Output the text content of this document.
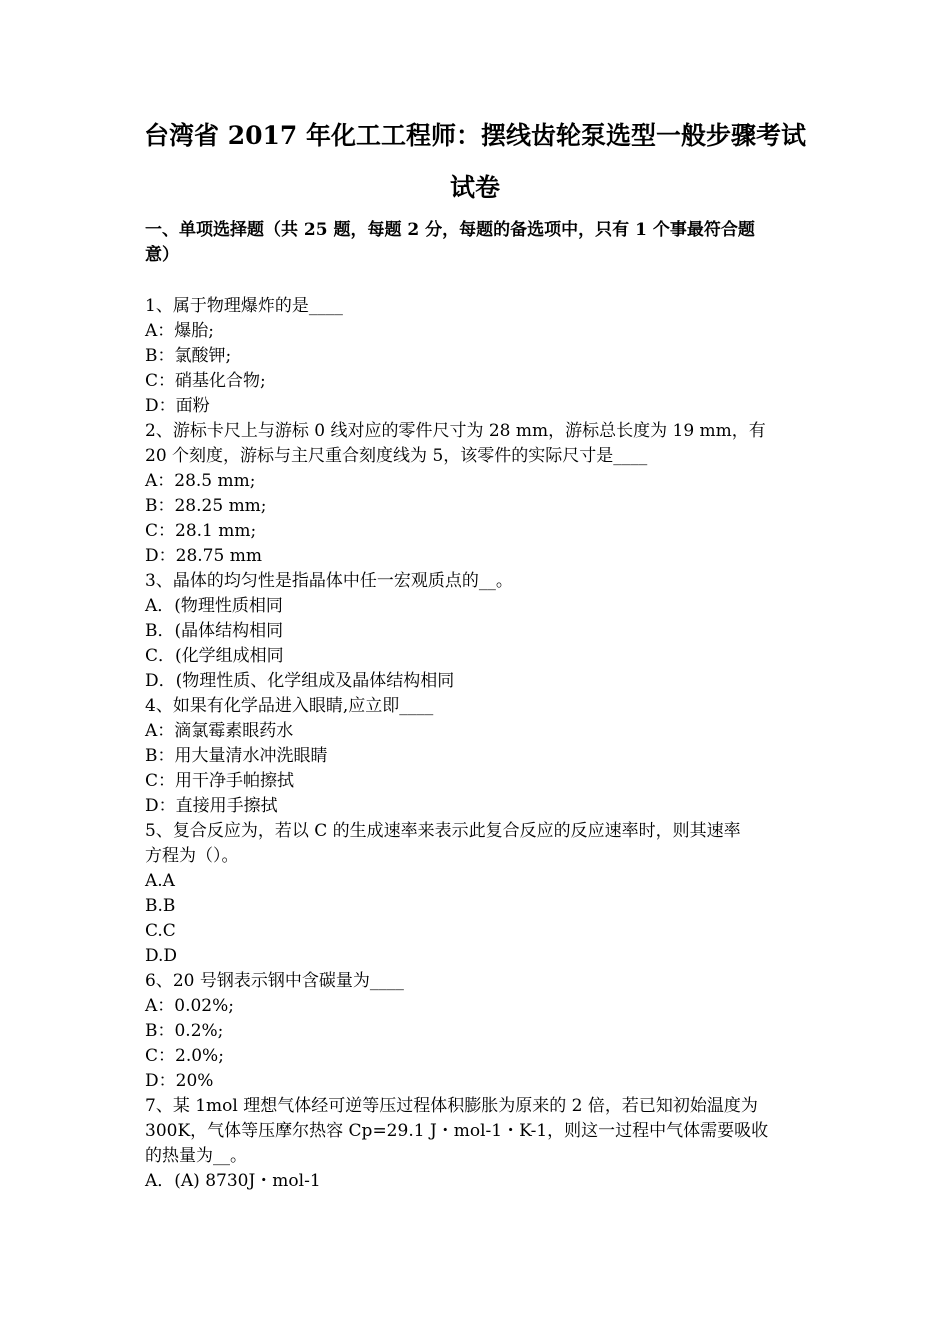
台湾省 2017 年化工工程师：摆线齿轮泵选型一般步骤考试
试卷
一、单项选择题（共 25 题，每题 2 分，每题的备选项中，只有 1 个事最符合题
意）
1、属于物理爆炸的是____
A：爆胎;
B：氯酸钾;
C：硝基化合物;
D：面粉
2、游标卡尺上与游标 0 线对应的零件尺寸为 28 mm，游标总长度为 19 mm，有
20 个刻度，游标与主尺重合刻度线为 5，该零件的实际尺寸是____
A：28.5 mm;
B：28.25 mm;
C：28.1 mm;
D：28.75 mm
3、晶体的均匀性是指晶体中任一宏观质点的__。
A．(物理性质相同
B．(晶体结构相同
C．(化学组成相同
D．(物理性质、化学组成及晶体结构相同
4、如果有化学品进入眼睛,应立即____
A：滴氯霉素眼药水
B：用大量清水冲洗眼睛
C：用干净手帕擦拭
D：直接用手擦拭
5、复合反应为，若以 C 的生成速率来表示此复合反应的反应速率时，则其速率
方程为（）。
A.A
B.B
C.C
D.D
6、20 号钢表示钢中含碳量为____
A：0.02%;
B：0.2%;
C：2.0%;
D：20%
7、某 1mol 理想气体经可逆等压过程体积膨胀为原来的 2 倍，若已知初始温度为
300K，气体等压摩尔热容 Cp=29.1 J・mol-1・K-1，则这一过程中气体需要吸收
的热量为__。
A．(A) 8730J・mol-1
